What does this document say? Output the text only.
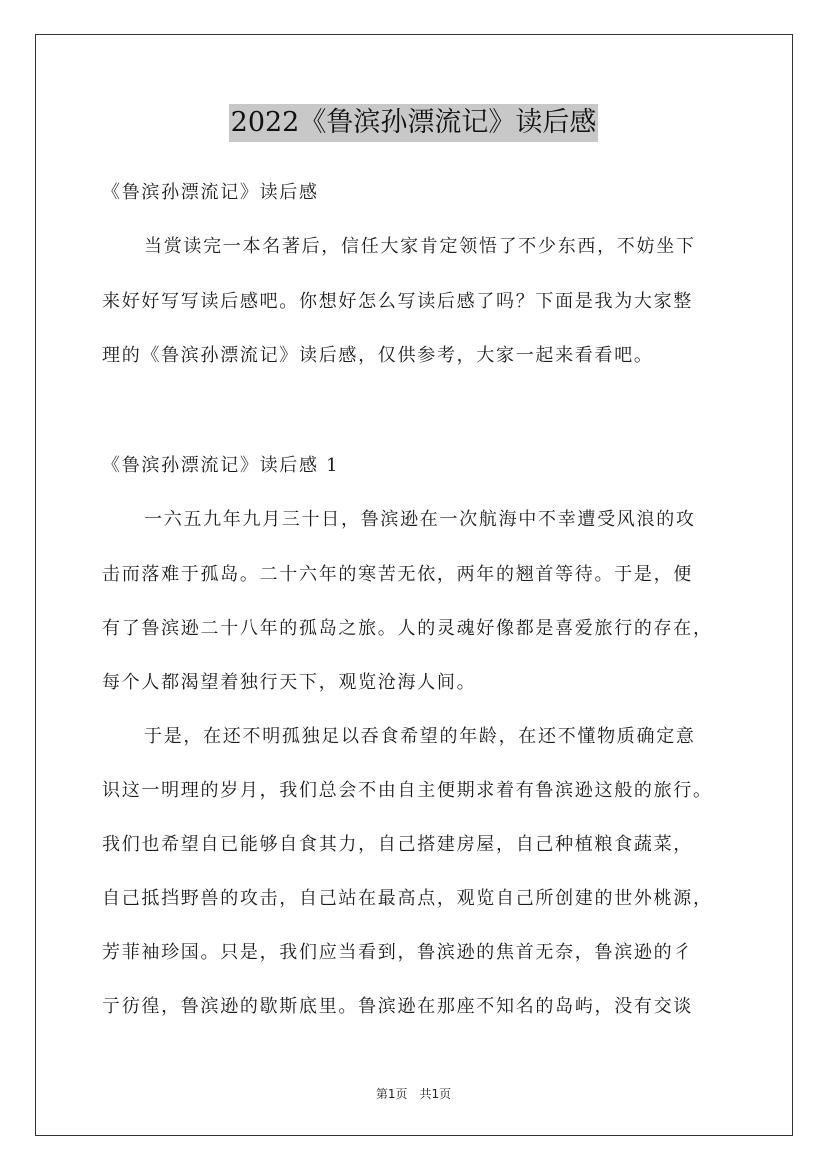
2022《鲁滨孙漂流记》读后感
《鲁滨孙漂流记》读后感
当赏读完一本名著后，信任大家肯定领悟了不少东西，不妨坐下
来好好写写读后感吧。你想好怎么写读后感了吗？下面是我为大家整
理的《鲁滨孙漂流记》读后感，仅供参考，大家一起来看看吧。
《鲁滨孙漂流记》读后感 1
一六五九年九月三十日，鲁滨逊在一次航海中不幸遭受风浪的攻
击而落难于孤岛。二十六年的寒苦无依，两年的翘首等待。于是，便
有了鲁滨逊二十八年的孤岛之旅。人的灵魂好像都是喜爱旅行的存在，
每个人都渴望着独行天下，观览沧海人间。
于是，在还不明孤独足以吞食希望的年龄，在还不懂物质确定意
识这一明理的岁月，我们总会不由自主便期求着有鲁滨逊这般的旅行。
我们也希望自已能够自食其力，自己搭建房屋，自己种植粮食蔬菜，
自己抵挡野兽的攻击，自己站在最高点，观览自己所创建的世外桃源，
芳菲袖珍国。只是，我们应当看到，鲁滨逊的焦首无奈，鲁滨逊的彳
亍彷徨，鲁滨逊的歇斯底里。鲁滨逊在那座不知名的岛屿，没有交谈
第1页　共1页
